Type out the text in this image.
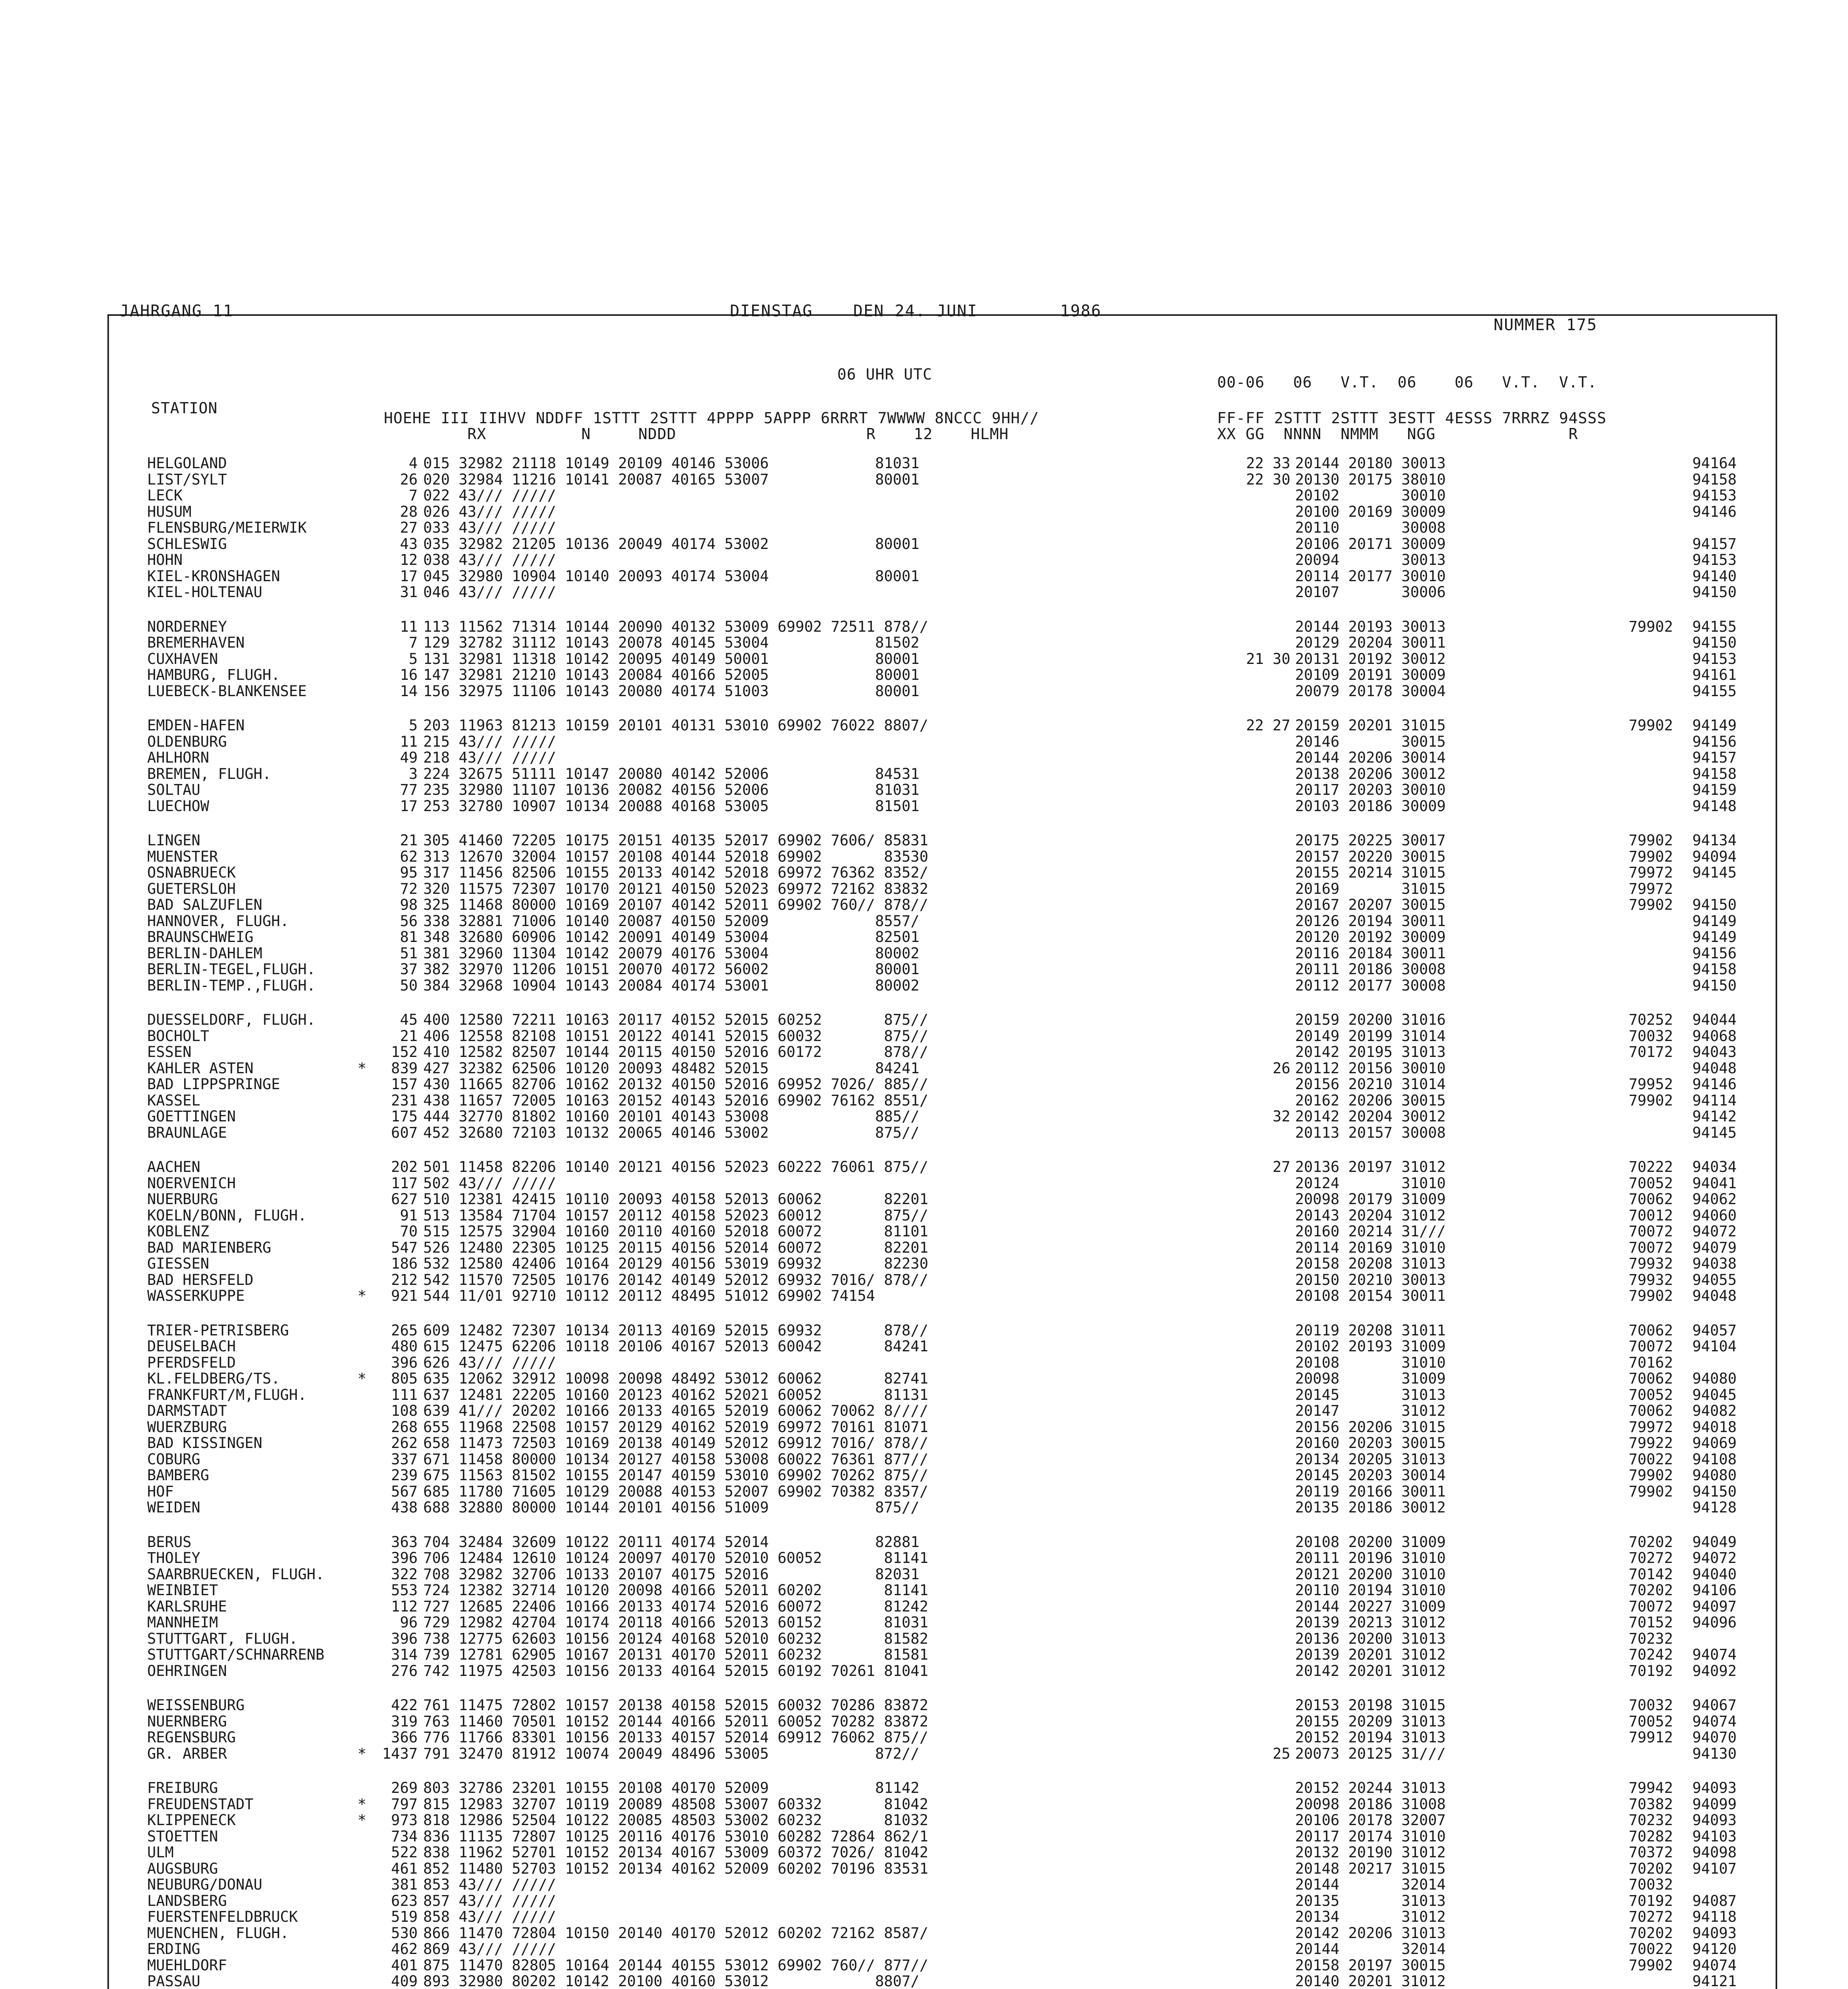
JAHRGANG 11	DIENSTAG	DEN 24. JUNI	1986
NUMMER 175
06 UHR UTC	00-06   06   V.T.  06    06   V.T.  V.T.
STATION
HOEHE III IIHVV NDDFF 1STTT 2STTT 4PPPP 5APPP 6RRRT 7WWWW 8NCCC 9HH//
RX          N     NDDD                    R    12    HLMH
FF-FF 2STTT 2STTT 3ESTT 4ESSS 7RRRZ 94SSS
XX GG  NNNN  NMMM   NGG              R
HELGOLAND	4 015 32982 21118 10149 20109 40146 53006            81031	22 33 20144 20180 30013	94164
LIST/SYLT	26 020 32984 11216 10141 20087 40165 53007            80001	22 30 20130 20175 38010	94158
LECK	7 022 43/// /////	20102       30010	94153
HUSUM	28 026 43/// /////	20100 20169 30009	94146
FLENSBURG/MEIERWIK	27 033 43/// /////	20110       30008
SCHLESWIG	43 035 32982 21205 10136 20049 40174 53002            80001	20106 20171 30009	94157
HOHN	12 038 43/// /////	20094       30013	94153
KIEL-KRONSHAGEN	17 045 32980 10904 10140 20093 40174 53004            80001	20114 20177 30010	94140
KIEL-HOLTENAU	31 046 43/// /////	20107       30006	94150
NORDERNEY	11 113 11562 71314 10144 20090 40132 53009 69902 72511 878//	20144 20193 30013	79902	94155
BREMERHAVEN	7 129 32782 31112 10143 20078 40145 53004            81502	20129 20204 30011	94150
CUXHAVEN	5 131 32981 11318 10142 20095 40149 50001            80001	21 30 20131 20192 30012	94153
HAMBURG, FLUGH.	16 147 32981 21210 10143 20084 40166 52005            80001	20109 20191 30009	94161
LUEBECK-BLANKENSEE	14 156 32975 11106 10143 20080 40174 51003            80001	20079 20178 30004	94155
EMDEN-HAFEN	5 203 11963 81213 10159 20101 40131 53010 69902 76022 8807/	22 27 20159 20201 31015	79902	94149
OLDENBURG	11 215 43/// /////	20146       30015	94156
AHLHORN	49 218 43/// /////	20144 20206 30014	94157
BREMEN, FLUGH.	3 224 32675 51111 10147 20080 40142 52006            84531	20138 20206 30012	94158
SOLTAU	77 235 32980 11107 10136 20082 40156 52006            81031	20117 20203 30010	94159
LUECHOW	17 253 32780 10907 10134 20088 40168 53005            81501	20103 20186 30009	94148
LINGEN	21 305 41460 72205 10175 20151 40135 52017 69902 7606/ 85831	20175 20225 30017	79902	94134
MUENSTER	62 313 12670 32004 10157 20108 40144 52018 69902       83530	20157 20220 30015	79902	94094
OSNABRUECK	95 317 11456 82506 10155 20133 40142 52018 69972 76362 8352/	20155 20214 31015	79972	94145
GUETERSLOH	72 320 11575 72307 10170 20121 40150 52023 69972 72162 83832	20169       31015	79972
BAD SALZUFLEN	98 325 11468 80000 10169 20107 40142 52011 69902 760// 878//	20167 20207 30015	79902	94150
HANNOVER, FLUGH.	56 338 32881 71006 10140 20087 40150 52009            8557/	20126 20194 30011	94149
BRAUNSCHWEIG	81 348 32680 60906 10142 20091 40149 53004            82501	20120 20192 30009	94149
BERLIN-DAHLEM	51 381 32960 11304 10142 20079 40176 53004            80002	20116 20184 30011	94156
BERLIN-TEGEL,FLUGH.	37 382 32970 11206 10151 20070 40172 56002            80001	20111 20186 30008	94158
BERLIN-TEMP.,FLUGH.	50 384 32968 10904 10143 20084 40174 53001            80002	20112 20177 30008	94150
DUESSELDORF, FLUGH.	45 400 12580 72211 10163 20117 40152 52015 60252       875//	20159 20200 31016	70252	94044
BOCHOLT	21 406 12558 82108 10151 20122 40141 52015 60032       875//	20149 20199 31014	70032	94068
ESSEN	152 410 12582 82507 10144 20115 40150 52016 60172       878//	20142 20195 31013	70172	94043
KAHLER ASTEN	*	839 427 32382 62506 10120 20093 48482 52015            84241	26 20112 20156 30010	94048
BAD LIPPSPRINGE	157 430 11665 82706 10162 20132 40150 52016 69952 7026/ 885//	20156 20210 31014	79952	94146
KASSEL	231 438 11657 72005 10163 20152 40143 52016 69902 76162 8551/	20162 20206 30015	79902	94114
GOETTINGEN	175 444 32770 81802 10160 20101 40143 53008            885//	32 20142 20204 30012	94142
BRAUNLAGE	607 452 32680 72103 10132 20065 40146 53002            875//	20113 20157 30008	94145
AACHEN	202 501 11458 82206 10140 20121 40156 52023 60222 76061 875//	27 20136 20197 31012	70222	94034
NOERVENICH	117 502 43/// /////	20124       31010	70052	94041
NUERBURG	627 510 12381 42415 10110 20093 40158 52013 60062       82201	20098 20179 31009	70062	94062
KOELN/BONN, FLUGH.	91 513 13584 71704 10157 20112 40158 52023 60012       875//	20143 20204 31012	70012	94060
KOBLENZ	70 515 12575 32904 10160 20110 40160 52018 60072       81101	20160 20214 31///	70072	94072
BAD MARIENBERG	547 526 12480 22305 10125 20115 40156 52014 60072       82201	20114 20169 31010	70072	94079
GIESSEN	186 532 12580 42406 10164 20129 40156 53019 69932       82230	20158 20208 31013	79932	94038
BAD HERSFELD	212 542 11570 72505 10176 20142 40149 52012 69932 7016/ 878//	20150 20210 30013	79932	94055
WASSERKUPPE	*	921 544 11/01 92710 10112 20112 48495 51012 69902 74154	20108 20154 30011	79902	94048
TRIER-PETRISBERG	265 609 12482 72307 10134 20113 40169 52015 69932       878//	20119 20208 31011	70062	94057
DEUSELBACH	480 615 12475 62206 10118 20106 40167 52013 60042       84241	20102 20193 31009	70072	94104
PFERDSFELD	396 626 43/// /////	20108       31010	70162
KL.FELDBERG/TS.	*	805 635 12062 32912 10098 20098 48492 53012 60062       82741	20098       31009	70062	94080
FRANKFURT/M,FLUGH.	111 637 12481 22205 10160 20123 40162 52021 60052       81131	20145       31013	70052	94045
DARMSTADT	108 639 41/// 20202 10166 20133 40165 52019 60062 70062 8////	20147       31012	70062	94082
WUERZBURG	268 655 11968 22508 10157 20129 40162 52019 69972 70161 81071	20156 20206 31015	79972	94018
BAD KISSINGEN	262 658 11473 72503 10169 20138 40149 52012 69912 7016/ 878//	20160 20203 30015	79922	94069
COBURG	337 671 11458 80000 10134 20127 40158 53008 60022 76361 877//	20134 20205 31013	70022	94108
BAMBERG	239 675 11563 81502 10155 20147 40159 53010 69902 70262 875//	20145 20203 30014	79902	94080
HOF	567 685 11780 71605 10129 20088 40153 52007 69902 70382 8357/	20119 20166 30011	79902	94150
WEIDEN	438 688 32880 80000 10144 20101 40156 51009            875//	20135 20186 30012	94128
BERUS	363 704 32484 32609 10122 20111 40174 52014            82881	20108 20200 31009	70202	94049
THOLEY	396 706 12484 12610 10124 20097 40170 52010 60052       81141	20111 20196 31010	70272	94072
SAARBRUECKEN, FLUGH.	322 708 32982 32706 10133 20107 40175 52016            82031	20121 20200 31010	70142	94040
WEINBIET	553 724 12382 32714 10120 20098 40166 52011 60202       81141	20110 20194 31010	70202	94106
KARLSRUHE	112 727 12685 22406 10166 20133 40174 52016 60072       81242	20144 20227 31009	70072	94097
MANNHEIM	96 729 12982 42704 10174 20118 40166 52013 60152       81031	20139 20213 31012	70152	94096
STUTTGART, FLUGH.	396 738 12775 62603 10156 20124 40168 52010 60232       81582	20136 20200 31013	70232
STUTTGART/SCHNARRENB	314 739 12781 62905 10167 20131 40170 52011 60232       81581	20139 20201 31012	70242	94074
OEHRINGEN	276 742 11975 42503 10156 20133 40164 52015 60192 70261 81041	20142 20201 31012	70192	94092
WEISSENBURG	422 761 11475 72802 10157 20138 40158 52015 60032 70286 83872	20153 20198 31015	70032	94067
NUERNBERG	319 763 11460 70501 10152 20144 40166 52011 60052 70282 83872	20155 20209 31013	70052	94074
REGENSBURG	366 776 11766 83301 10156 20133 40157 52014 69912 76062 875//	20152 20194 31013	79912	94070
GR. ARBER	*	1437 791 32470 81912 10074 20049 48496 53005            872//	25 20073 20125 31///	94130
FREIBURG	269 803 32786 23201 10155 20108 40170 52009            81142	20152 20244 31013	79942	94093
FREUDENSTADT	*	797 815 12983 32707 10119 20089 48508 53007 60332       81042	20098 20186 31008	70382	94099
KLIPPENECK	*	973 818 12986 52504 10122 20085 48503 53002 60232       81032	20106 20178 32007	70232	94093
STOETTEN	734 836 11135 72807 10125 20116 40176 53010 60282 72864 862/1	20117 20174 31010	70282	94103
ULM	522 838 11962 52701 10152 20134 40167 53009 60372 7026/ 81042	20132 20190 31012	70372	94098
AUGSBURG	461 852 11480 52703 10152 20134 40162 52009 60202 70196 83531	20148 20217 31015	70202	94107
NEUBURG/DONAU	381 853 43/// /////	20144       32014	70032
LANDSBERG	623 857 43/// /////	20135       31013	70192	94087
FUERSTENFELDBRUCK	519 858 43/// /////	20134       31012	70272	94118
MUENCHEN, FLUGH.	530 866 11470 72804 10150 20140 40170 52012 60202 72162 8587/	20142 20206 31013	70202	94093
ERDING	462 869 43/// /////	20144       32014	70022	94120
MUEHLDORF	401 875 11470 82805 10164 20144 40155 53012 69902 760// 877//	20158 20197 30015	79902	94074
PASSAU	409 893 32980 80202 10142 20100 40160 53012            8807/	20140 20201 31012	94121
